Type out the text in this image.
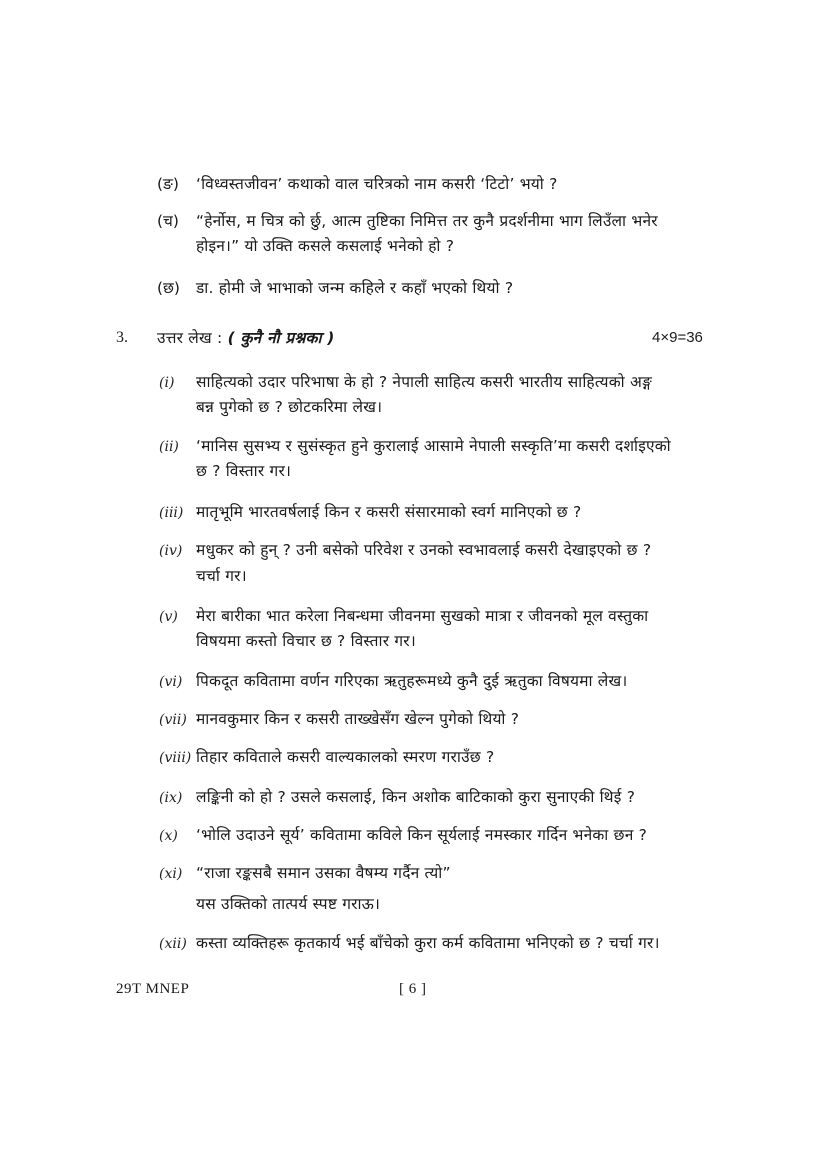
(ङ) ‘विध्वस्तजीवन’ कथाको वाल चरित्रको नाम कसरी ‘टिटो’ भयो ?
(च) “हेर्नोस, म चित्र को र्छु, आत्म तुष्टिका निमित्त तर कुनै प्रदर्शनीमा भाग लिउँला भनेर
होइन।” यो उक्ति कसले कसलाई भनेको हो ?
(छ) डा. होमी जे भाभाको जन्म कहिले र कहाँ भएको थियो ?
3. उत्तर लेख : ( कुनै नौ प्रश्नका )	4×9=36
(i) साहित्यको उदार परिभाषा के हो ? नेपाली साहित्य कसरी भारतीय साहित्यको अङ्ग
बन्न पुगेको छ ? छोटकरिमा लेख।
(ii) ‘मानिस सुसभ्य र सुसंस्कृत हुने कुरालाई आसामे नेपाली सस्कृति’मा कसरी दर्शाइएको
छ ? विस्तार गर।
(iii) मातृभूमि भारतवर्षलाई किन र कसरी संसारमाको स्वर्ग मानिएको छ ?
(iv) मधुकर को हुन् ? उनी बसेको परिवेश र उनको स्वभावलाई कसरी देखाइएको छ ?
चर्चा गर।
(v) मेरा बारीका भात करेला निबन्धमा जीवनमा सुखको मात्रा र जीवनको मूल वस्तुका
विषयमा कस्तो विचार छ ? विस्तार गर।
(vi) पिकदूत कवितामा वर्णन गरिएका ऋतुहरूमध्ये कुनै दुई ऋतुका विषयमा लेख।
(vii) मानवकुमार किन र कसरी ताख्खेसँग खेल्न पुगेको थियो ?
(viii) तिहार कविताले कसरी वाल्यकालको स्मरण गराउँछ ?
(ix) लङ्किनी को हो ? उसले कसलाई, किन अशोक बाटिकाको कुरा सुनाएकी थिई ?
(x) ‘भोलि उदाउने सूर्य’ कवितामा कविले किन सूर्यलाई नमस्कार गर्दिन भनेका छन ?
(xi) “राजा रङ्कसबै समान उसका वैषम्य गर्दैन त्यो”
यस उक्तिको तात्पर्य स्पष्ट गराऊ।
(xii) कस्ता व्यक्तिहरू कृतकार्य भई बाँचेको कुरा कर्म कवितामा भनिएको छ ? चर्चा गर।
29T MNEP	[ 6 ]
